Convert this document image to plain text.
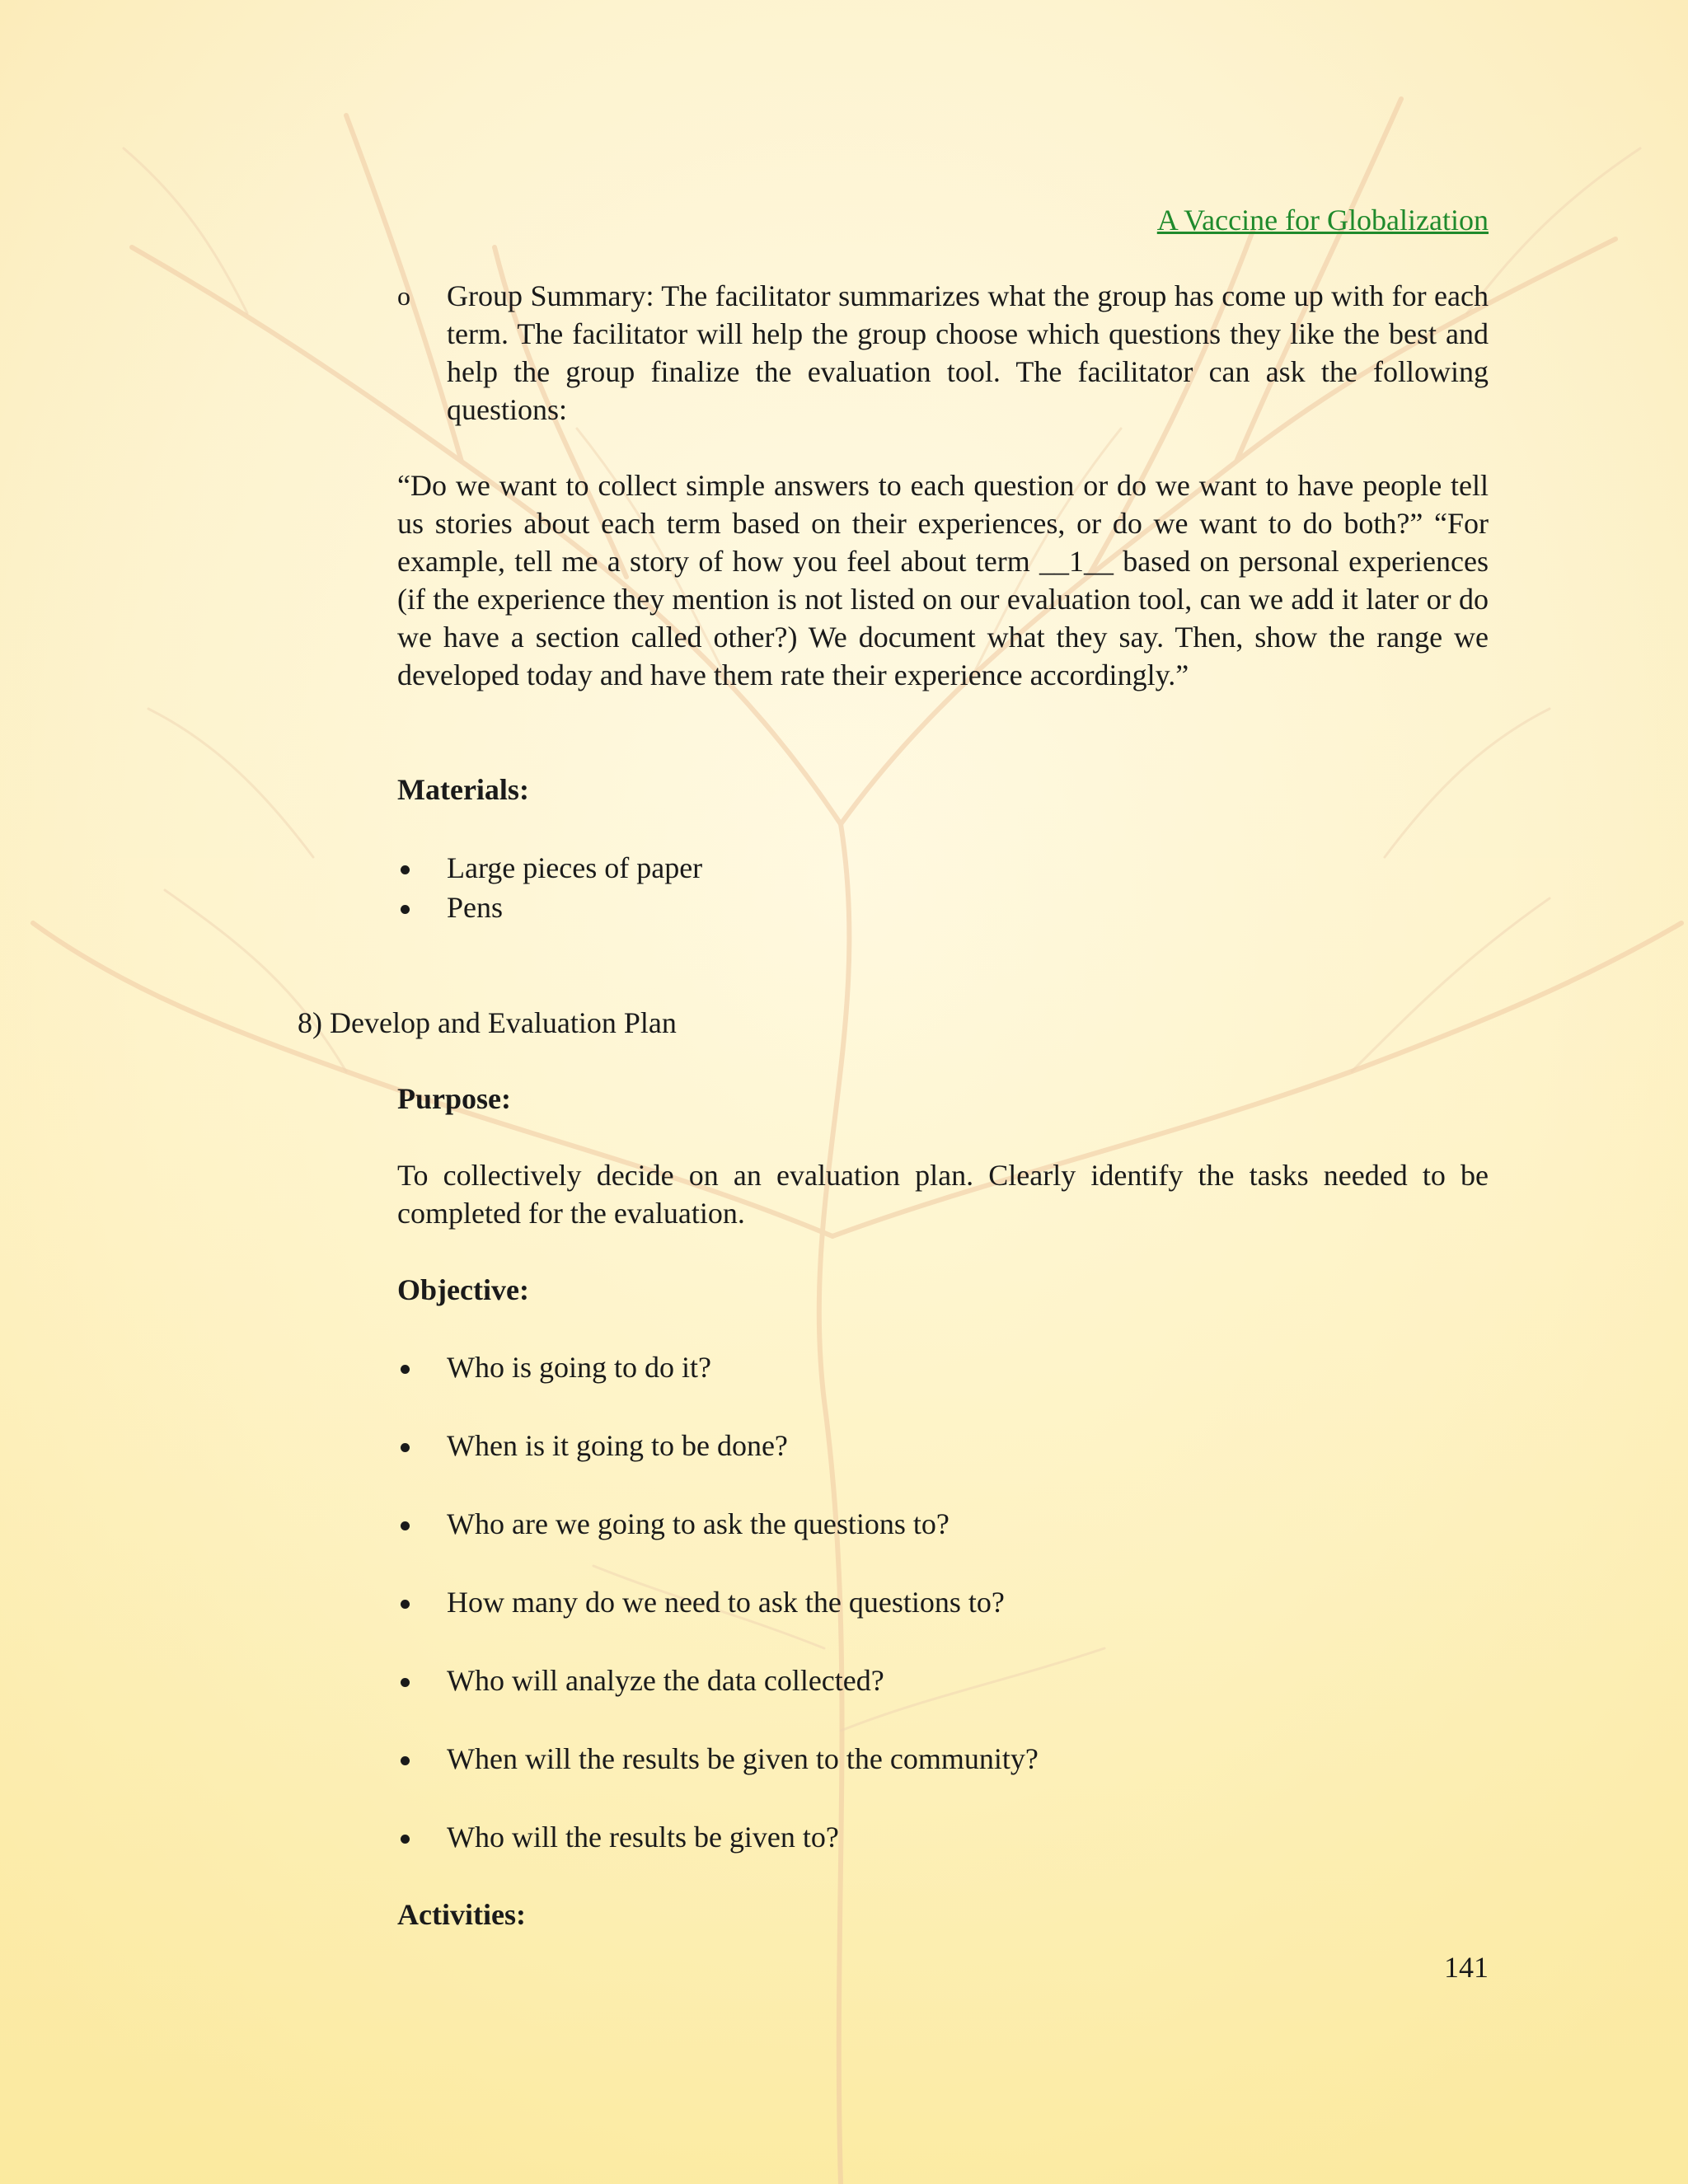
A Vaccine for Globalization
o Group Summary: The facilitator summarizes what the group has come up with for each term. The facilitator will help the group choose which questions they like the best and help the group finalize the evaluation tool. The facilitator can ask the following questions:

“Do we want to collect simple answers to each question or do we want to have people tell us stories about each term based on their experiences, or do we want to do both?” “For example, tell me a story of how you feel about term __1__ based on personal experiences (if the experience they mention is not listed on our evaluation tool, can we add it later or do we have a section called other?) We document what they say. Then, show the range we developed today and have them rate their experience accordingly.”

Materials:

Large pieces of paper
Pens

8) Develop and Evaluation Plan

Purpose:

To collectively decide on an evaluation plan. Clearly identify the tasks needed to be completed for the evaluation.

Objective:

Who is going to do it?
When is it going to be done?
Who are we going to ask the questions to?
How many do we need to ask the questions to?
Who will analyze the data collected?
When will the results be given to the community?
Who will the results be given to?

Activities:

141
